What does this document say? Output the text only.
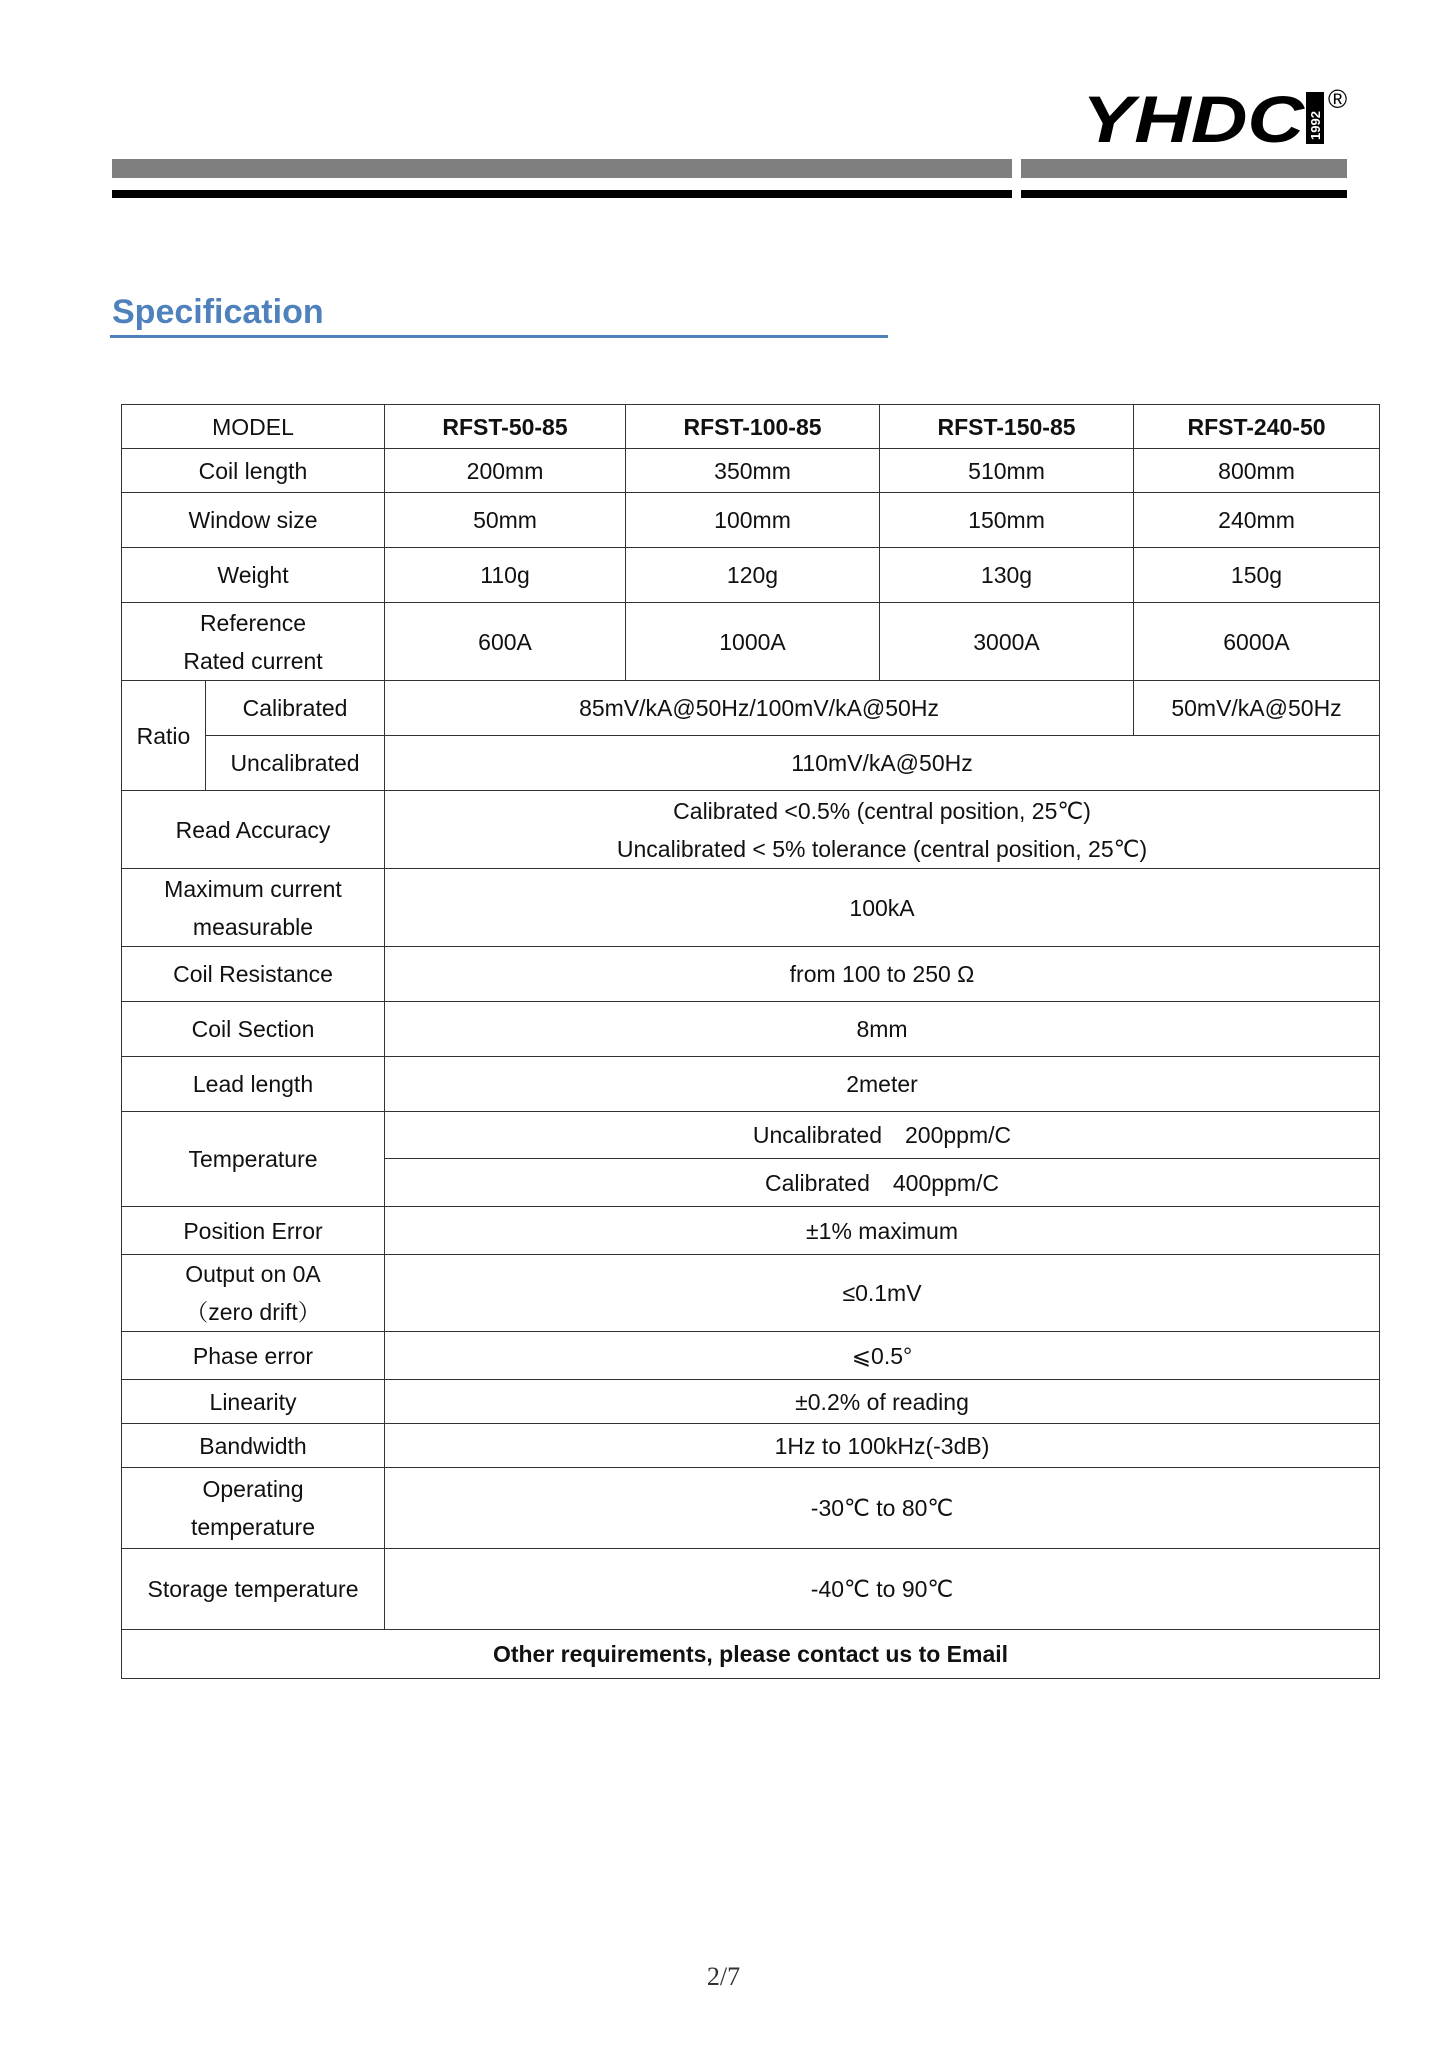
YHDC 1992
®
Specification
MODEL		RFST-50-85	RFST-100-85	RFST-150-85	RFST-240-50
Coil length		200mm	350mm	510mm	800mm
Window size		50mm	100mm	150mm	240mm
Weight		110g	120g	130g	150g

Reference
Rated current		600A	1000A	3000A	6000A
Ratio	Calibrated	85mV/kA@50Hz/100mV/kA@50Hz			50mV/kA@50Hz
	Uncalibrated	110mV/kA@50Hz			
Read Accuracy		Calibrated <0.5% (central position, 25℃)
Uncalibrated < 5% tolerance (central position, 25℃)			

Maximum current
measurable		100kA			
Coil Resistance		from 100 to 250 Ω			
Coil Section		8mm			
Lead length		2meter			
Temperature		Uncalibrated　200ppm/C			
		Calibrated　400ppm/C			
Position Error		±1% maximum			

Output on 0A
（zero drift）		≤0.1mV			
Phase error		⩽0.5°			
Linearity		±0.2% of reading			
Bandwidth		1Hz to 100kHz(-3dB)			

Operating
temperature		-30℃ to 80℃			
Storage temperature		-40℃ to 90℃			
Other requirements, please contact us to Email					
2/7
